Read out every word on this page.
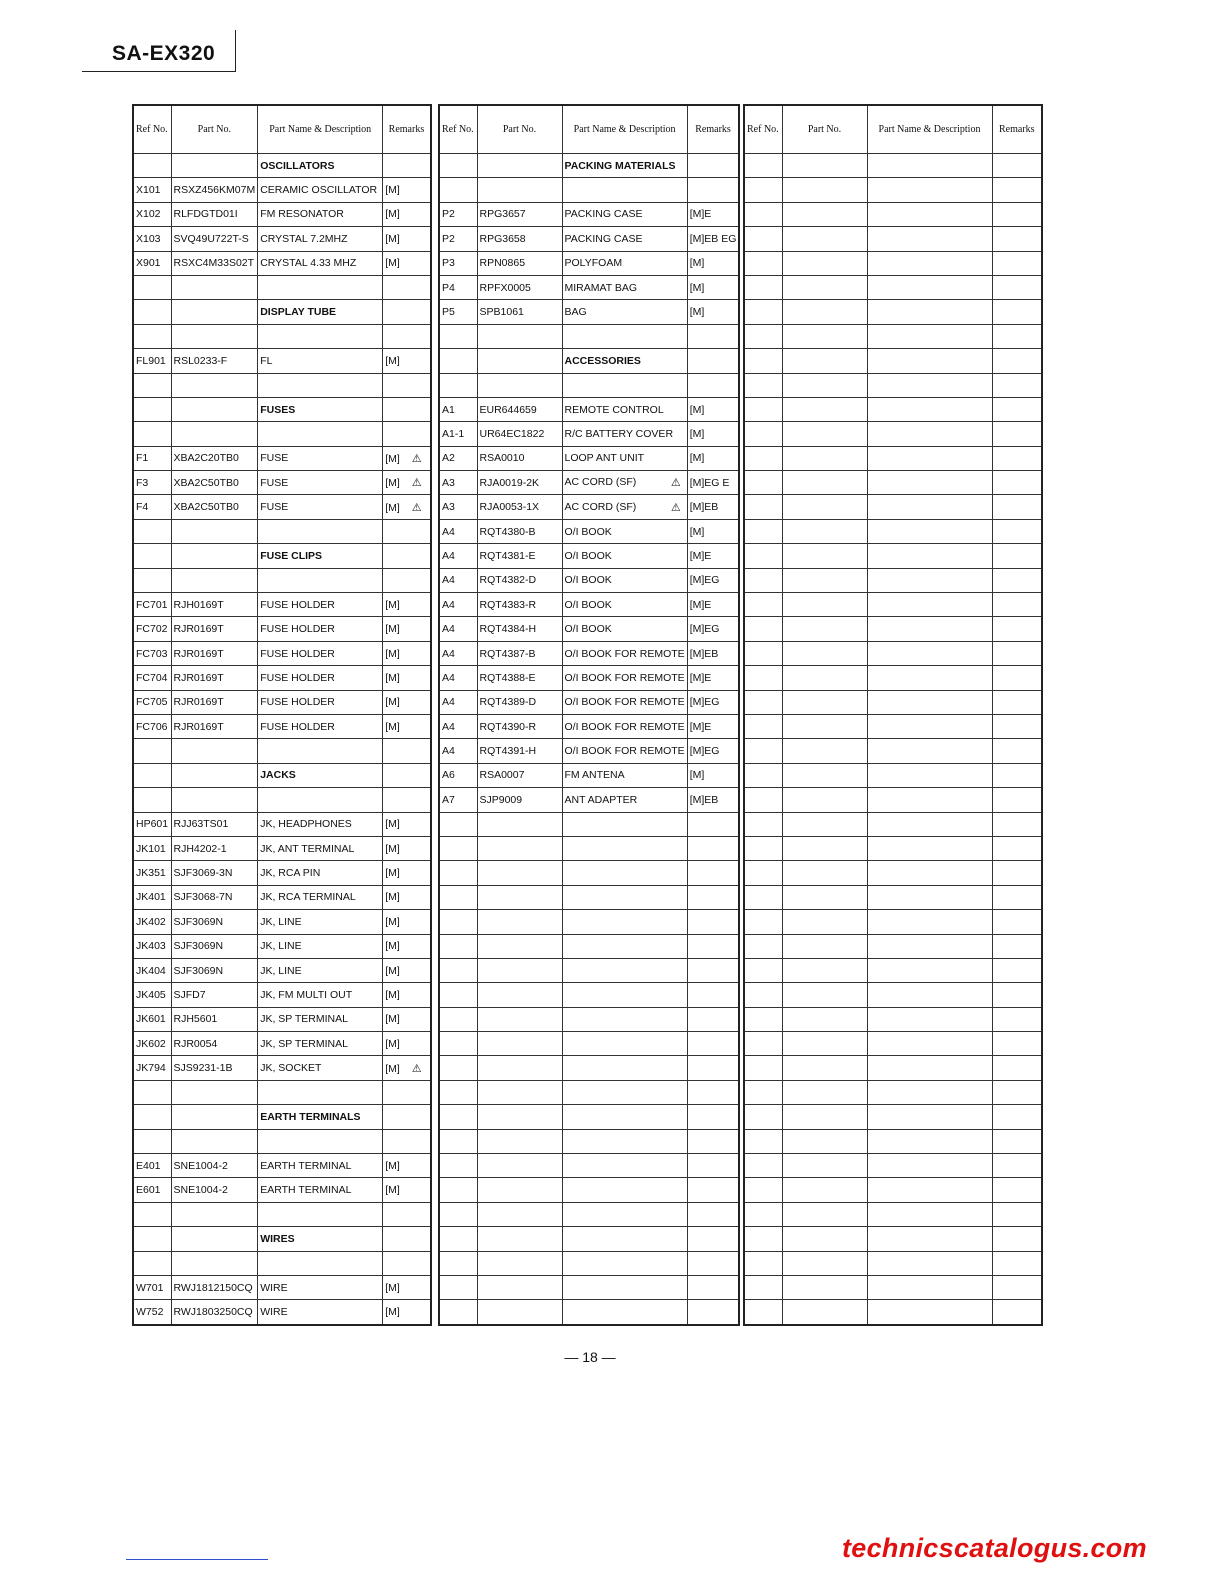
SA-EX320
Ref No.	Part No.	Part Name & Description	Remarks
		OSCILLATORS	
X101	RSXZ456KM07M	CERAMIC OSCILLATOR	[M]
X102	RLFDGTD01I	FM RESONATOR	[M]
X103	SVQ49U722T-S	CRYSTAL 7.2MHZ	[M]
X901	RSXC4M33S02T	CRYSTAL 4.33 MHZ	[M]

		DISPLAY TUBE	

FL901	RSL0233-F	FL	[M]

		FUSES	

F1	XBA2C20TB0	FUSE	[M] ⚠
F3	XBA2C50TB0	FUSE	[M] ⚠
F4	XBA2C50TB0	FUSE	[M] ⚠

		FUSE CLIPS	

FC701	RJH0169T	FUSE HOLDER	[M]
FC702	RJR0169T	FUSE HOLDER	[M]
FC703	RJR0169T	FUSE HOLDER	[M]
FC704	RJR0169T	FUSE HOLDER	[M]
FC705	RJR0169T	FUSE HOLDER	[M]
FC706	RJR0169T	FUSE HOLDER	[M]

		JACKS	

HP601	RJJ63TS01	JK, HEADPHONES	[M]
JK101	RJH4202-1	JK, ANT TERMINAL	[M]
JK351	SJF3069-3N	JK, RCA PIN	[M]
JK401	SJF3068-7N	JK, RCA TERMINAL	[M]
JK402	SJF3069N	JK, LINE	[M]
JK403	SJF3069N	JK, LINE	[M]
JK404	SJF3069N	JK, LINE	[M]
JK405	SJFD7	JK, FM MULTI OUT	[M]
JK601	RJH5601	JK, SP TERMINAL	[M]
JK602	RJR0054	JK, SP TERMINAL	[M]
JK794	SJS9231-1B	JK, SOCKET	[M] ⚠

		EARTH TERMINALS	

E401	SNE1004-2	EARTH TERMINAL	[M]
E601	SNE1004-2	EARTH TERMINAL	[M]

		WIRES	

W701	RWJ1812150CQ	WIRE	[M]
W752	RWJ1803250CQ	WIRE	[M]
Ref No.	Part No.	Part Name & Description	Remarks
		PACKING MATERIALS	

P2	RPG3657	PACKING CASE	[M]E
P2	RPG3658	PACKING CASE	[M]EB EG
P3	RPN0865	POLYFOAM	[M]
P4	RPFX0005	MIRAMAT BAG	[M]
P5	SPB1061	BAG	[M]

		ACCESSORIES	

A1	EUR644659	REMOTE CONTROL	[M]
A1-1	UR64EC1822	R/C BATTERY COVER	[M]
A2	RSA0010	LOOP ANT UNIT	[M]
A3	RJA0019-2K	AC CORD (SF) ⚠	[M]EG E
A3	RJA0053-1X	AC CORD (SF) ⚠	[M]EB
A4	RQT4380-B	O/I BOOK	[M]
A4	RQT4381-E	O/I BOOK	[M]E
A4	RQT4382-D	O/I BOOK	[M]EG
A4	RQT4383-R	O/I BOOK	[M]E
A4	RQT4384-H	O/I BOOK	[M]EG
A4	RQT4387-B	O/I BOOK FOR REMOTE	[M]EB
A4	RQT4388-E	O/I BOOK FOR REMOTE	[M]E
A4	RQT4389-D	O/I BOOK FOR REMOTE	[M]EG
A4	RQT4390-R	O/I BOOK FOR REMOTE	[M]E
A4	RQT4391-H	O/I BOOK FOR REMOTE	[M]EG
A6	RSA0007	FM ANTENA	[M]
A7	SJP9009	ANT ADAPTER	[M]EB

Ref No.	Part No.	Part Name & Description	Remarks

— 18 —
technicscatalogus.com
